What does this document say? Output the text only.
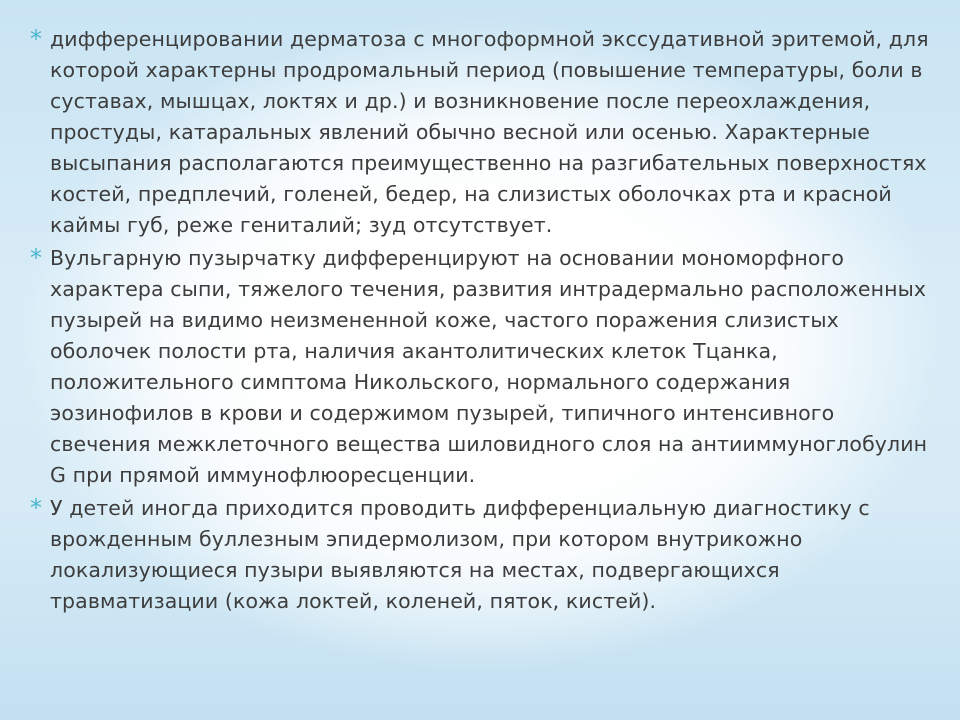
* дифференцировании дерматоза с многоформной экссудативной эритемой, для которой характерны продромальный период (повышение температуры, боли в суставах, мышцах, локтях и др.) и возникновение после переохлаждения, простуды, катаральных явлений обычно весной или осенью. Характерные высыпания располагаются преимущественно на разгибательных поверхностях костей, предплечий, голеней, бедер, на слизистых оболочках рта и красной каймы губ, реже гениталий; зуд отсутствует.
* Вульгарную пузырчатку дифференцируют на основании мономорфного характера сыпи, тяжелого течения, развития интрадермально расположенных пузырей на видимо неизмененной коже, частого поражения слизистых оболочек полости рта, наличия акантолитических клеток Тцанка, положительного симптома Никольского, нормального содержания эозинофилов в крови и содержимом пузырей, типичного интенсивного свечения межклеточного вещества шиловидного слоя на антииммуноглобулин G при прямой иммунофлюоресценции.
* У детей иногда приходится проводить дифференциальную диагностику с врожденным буллезным эпидермолизом, при котором внутрикожно локализующиеся пузыри выявляются на местах, подвергающихся травматизации (кожа локтей, коленей, пяток, кистей).
